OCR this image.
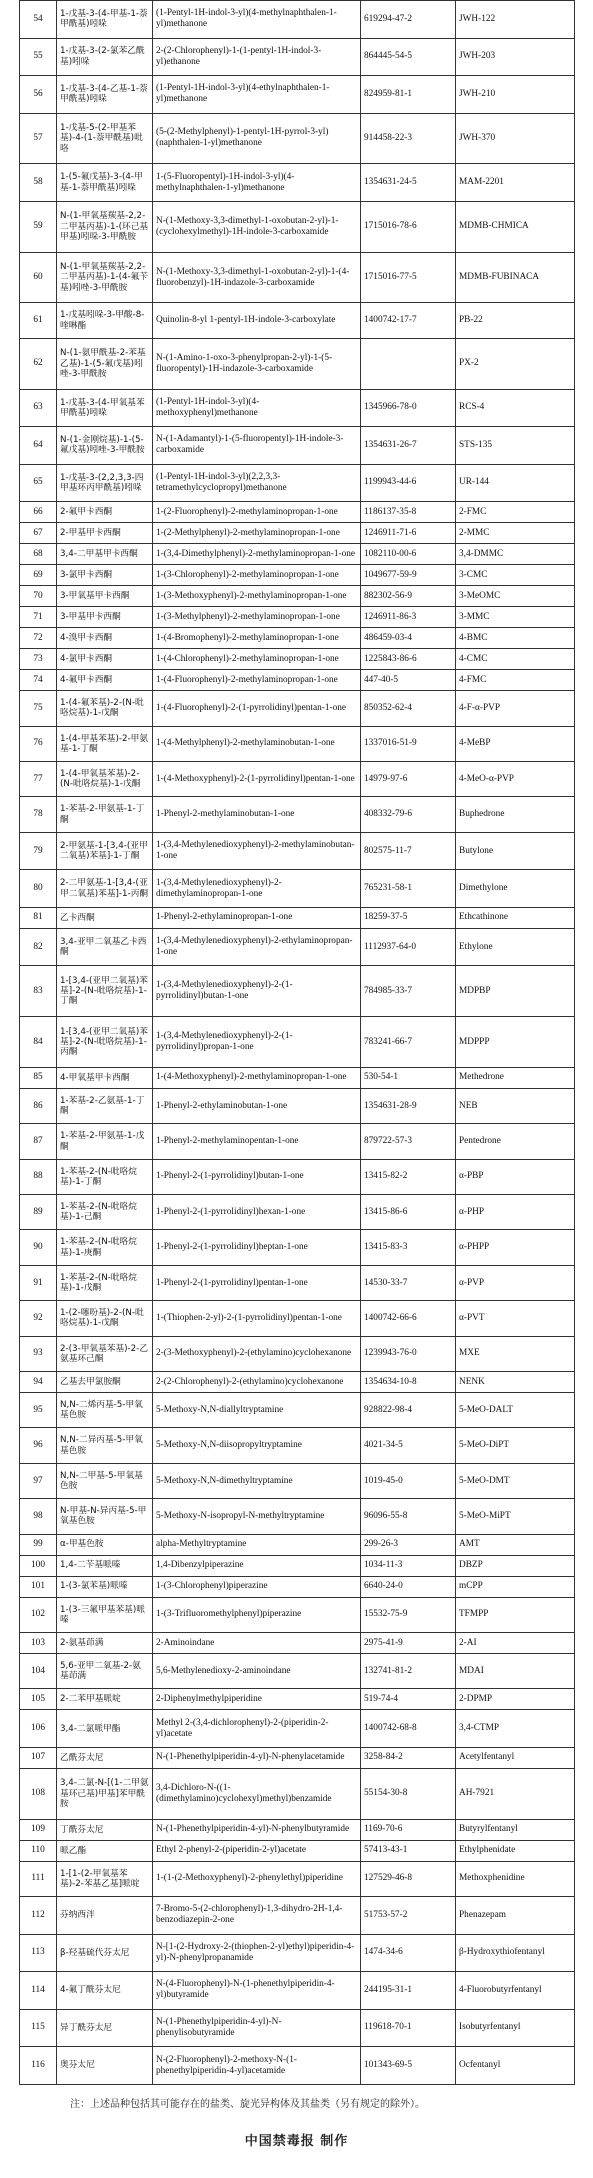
54	1-戊基-3-(4-甲基-1-萘甲酰基)吲哚	(1-Pentyl-1H-indol-3-yl)(4-methylnaphthalen-1-yl)methanone	619294-47-2	JWH-122
55	1-戊基-3-(2-氯苯乙酰基)吲哚	2-(2-Chlorophenyl)-1-(1-pentyl-1H-indol-3-yl)ethanone	864445-54-5	JWH-203
56	1-戊基-3-(4-乙基-1-萘甲酰基)吲哚	(1-Pentyl-1H-indol-3-yl)(4-ethylnaphthalen-1-yl)methanone	824959-81-1	JWH-210
57	1-戊基-5-(2-甲基苯基)-4-(1-萘甲酰基)吡咯	(5-(2-Methylphenyl)-1-pentyl-1H-pyrrol-3-yl)(naphthalen-1-yl)methanone	914458-22-3	JWH-370
58	1-(5-氟戊基)-3-(4-甲基-1-萘甲酰基)吲哚	1-(5-Fluoropentyl)-1H-indol-3-yl)(4-methylnaphthalen-1-yl)methanone	1354631-24-5	MAM-2201
59	N-(1-甲氧基羰基-2,2-二甲基丙基)-1-(环己基甲基)吲哚-3-甲酰胺	N-(1-Methoxy-3,3-dimethyl-1-oxobutan-2-yl)-1-(cyclohexylmethyl)-1H-indole-3-carboxamide	1715016-78-6	MDMB-CHMICA
60	N-(1-甲氧基羰基-2,2-二甲基丙基)-1-(4-氟苄基)吲唑-3-甲酰胺	N-(1-Methoxy-3,3-dimethyl-1-oxobutan-2-yl)-1-(4-fluorobenzyl)-1H-indazole-3-carboxamide	1715016-77-5	MDMB-FUBINACA
61	1-戊基吲哚-3-甲酸-8-喹啉酯	Quinolin-8-yl 1-pentyl-1H-indole-3-carboxylate	1400742-17-7	PB-22
62	N-(1-氨甲酰基-2-苯基乙基)-1-(5-氟戊基)吲唑-3-甲酰胺	N-(1-Amino-1-oxo-3-phenylpropan-2-yl)-1-(5-fluoropentyl)-1H-indazole-3-carboxamide		PX-2
63	1-戊基-3-(4-甲氧基苯甲酰基)吲哚	(1-Pentyl-1H-indol-3-yl)(4-methoxyphenyl)methanone	1345966-78-0	RCS-4
64	N-(1-金刚烷基)-1-(5-氟戊基)吲唑-3-甲酰胺	N-(1-Adamantyl)-1-(5-fluoropentyl)-1H-indole-3-carboxamide	1354631-26-7	STS-135
65	1-戊基-3-(2,2,3,3-四甲基环丙甲酰基)吲哚	(1-Pentyl-1H-indol-3-yl)(2,2,3,3-tetramethylcyclopropyl)methanone	1199943-44-6	UR-144
66	2-氟甲卡西酮	1-(2-Fluorophenyl)-2-methylaminopropan-1-one	1186137-35-8	2-FMC
67	2-甲基甲卡西酮	1-(2-Methylphenyl)-2-methylaminopropan-1-one	1246911-71-6	2-MMC
68	3,4-二甲基甲卡西酮	1-(3,4-Dimethylphenyl)-2-methylaminopropan-1-one	1082110-00-6	3,4-DMMC
69	3-氯甲卡西酮	1-(3-Chlorophenyl)-2-methylaminopropan-1-one	1049677-59-9	3-CMC
70	3-甲氧基甲卡西酮	1-(3-Methoxyphenyl)-2-methylaminopropan-1-one	882302-56-9	3-MeOMC
71	3-甲基甲卡西酮	1-(3-Methylphenyl)-2-methylaminopropan-1-one	1246911-86-3	3-MMC
72	4-溴甲卡西酮	1-(4-Bromophenyl)-2-methylaminopropan-1-one	486459-03-4	4-BMC
73	4-氯甲卡西酮	1-(4-Chlorophenyl)-2-methylaminopropan-1-one	1225843-86-6	4-CMC
74	4-氟甲卡西酮	1-(4-Fluorophenyl)-2-methylaminopropan-1-one	447-40-5	4-FMC
75	1-(4-氟苯基)-2-(N-吡咯烷基)-1-戊酮	1-(4-Fluorophenyl)-2-(1-pyrrolidinyl)pentan-1-one	850352-62-4	4-F-α-PVP
76	1-(4-甲基苯基)-2-甲氨基-1-丁酮	1-(4-Methylphenyl)-2-methylaminobutan-1-one	1337016-51-9	4-MeBP
77	1-(4-甲氧基苯基)-2-(N-吡咯烷基)-1-戊酮	1-(4-Methoxyphenyl)-2-(1-pyrrolidinyl)pentan-1-one	14979-97-6	4-MeO-α-PVP
78	1-苯基-2-甲氨基-1-丁酮	1-Phenyl-2-methylaminobutan-1-one	408332-79-6	Buphedrone
79	2-甲氨基-1-[3,4-(亚甲二氧基)苯基]-1-丁酮	1-(3,4-Methylenedioxyphenyl)-2-methylaminobutan-1-one	802575-11-7	Butylone
80	2-二甲氨基-1-[3,4-(亚甲二氧基)苯基]-1-丙酮	1-(3,4-Methylenedioxyphenyl)-2-dimethylaminopropan-1-one	765231-58-1	Dimethylone
81	乙卡西酮	1-Phenyl-2-ethylaminopropan-1-one	18259-37-5	Ethcathinone
82	3,4-亚甲二氧基乙卡西酮	1-(3,4-Methylenedioxyphenyl)-2-ethylaminopropan-1-one	1112937-64-0	Ethylone
83	1-[3,4-(亚甲二氧基)苯基]-2-(N-吡咯烷基)-1-丁酮	1-(3,4-Methylenedioxyphenyl)-2-(1-pyrrolidinyl)butan-1-one	784985-33-7	MDPBP
84	1-[3,4-(亚甲二氧基)苯基]-2-(N-吡咯烷基)-1-丙酮	1-(3,4-Methylenedioxyphenyl)-2-(1-pyrrolidinyl)propan-1-one	783241-66-7	MDPPP
85	4-甲氧基甲卡西酮	1-(4-Methoxyphenyl)-2-methylaminopropan-1-one	530-54-1	Methedrone
86	1-苯基-2-乙氨基-1-丁酮	1-Phenyl-2-ethylaminobutan-1-one	1354631-28-9	NEB
87	1-苯基-2-甲氨基-1-戊酮	1-Phenyl-2-methylaminopentan-1-one	879722-57-3	Pentedrone
88	1-苯基-2-(N-吡咯烷基)-1-丁酮	1-Phenyl-2-(1-pyrrolidinyl)butan-1-one	13415-82-2	α-PBP
89	1-苯基-2-(N-吡咯烷基)-1-己酮	1-Phenyl-2-(1-pyrrolidinyl)hexan-1-one	13415-86-6	α-PHP
90	1-苯基-2-(N-吡咯烷基)-1-庚酮	1-Phenyl-2-(1-pyrrolidinyl)heptan-1-one	13415-83-3	α-PHPP
91	1-苯基-2-(N-吡咯烷基)-1-戊酮	1-Phenyl-2-(1-pyrrolidinyl)pentan-1-one	14530-33-7	α-PVP
92	1-(2-噻吩基)-2-(N-吡咯烷基)-1-戊酮	1-(Thiophen-2-yl)-2-(1-pyrrolidinyl)pentan-1-one	1400742-66-6	α-PVT
93	2-(3-甲氧基苯基)-2-乙氨基环己酮	2-(3-Methoxyphenyl)-2-(ethylamino)cyclohexanone	1239943-76-0	MXE
94	乙基去甲氯胺酮	2-(2-Chlorophenyl)-2-(ethylamino)cyclohexanone	1354634-10-8	NENK
95	N,N-二烯丙基-5-甲氧基色胺	5-Methoxy-N,N-diallyltryptamine	928822-98-4	5-MeO-DALT
96	N,N-二异丙基-5-甲氧基色胺	5-Methoxy-N,N-diisopropyltryptamine	4021-34-5	5-MeO-DiPT
97	N,N-二甲基-5-甲氧基色胺	5-Methoxy-N,N-dimethyltryptamine	1019-45-0	5-MeO-DMT
98	N-甲基-N-异丙基-5-甲氧基色胺	5-Methoxy-N-isopropyl-N-methyltryptamine	96096-55-8	5-MeO-MiPT
99	α-甲基色胺	alpha-Methyltryptamine	299-26-3	AMT
100	1,4-二苄基哌嗪	1,4-Dibenzylpiperazine	1034-11-3	DBZP
101	1-(3-氯苯基)哌嗪	1-(3-Chlorophenyl)piperazine	6640-24-0	mCPP
102	1-(3-三氟甲基苯基)哌嗪	1-(3-Trifluoromethylphenyl)piperazine	15532-75-9	TFMPP
103	2-氨基茚满	2-Aminoindane	2975-41-9	2-AI
104	5,6-亚甲二氧基-2-氨基茚满	5,6-Methylenedioxy-2-aminoindane	132741-81-2	MDAI
105	2-二苯甲基哌啶	2-Diphenylmethylpiperidine	519-74-4	2-DPMP
106	3,4-二氯哌甲酯	Methyl 2-(3,4-dichlorophenyl)-2-(piperidin-2-yl)acetate	1400742-68-8	3,4-CTMP
107	乙酰芬太尼	N-(1-Phenethylpiperidin-4-yl)-N-phenylacetamide	3258-84-2	Acetylfentanyl
108	3,4-二氯-N-[(1-二甲氨基环己基)甲基]苯甲酰胺	3,4-Dichloro-N-((1-(dimethylamino)cyclohexyl)methyl)benzamide	55154-30-8	AH-7921
109	丁酰芬太尼	N-(1-Phenethylpiperidin-4-yl)-N-phenylbutyramide	1169-70-6	Butyrylfentanyl
110	哌乙酯	Ethyl 2-phenyl-2-(piperidin-2-yl)acetate	57413-43-1	Ethylphenidate
111	1-[1-(2-甲氧基苯基)-2-苯基乙基]哌啶	1-(1-(2-Methoxyphenyl)-2-phenylethyl)piperidine	127529-46-8	Methoxphenidine
112	芬纳西泮	7-Bromo-5-(2-chlorophenyl)-1,3-dihydro-2H-1,4-benzodiazepin-2-one	51753-57-2	Phenazepam
113	β-羟基硫代芬太尼	N-[1-(2-Hydroxy-2-(thiophen-2-yl)ethyl)piperidin-4-yl)-N-phenylpropanamide	1474-34-6	β-Hydroxythiofentanyl
114	4-氟丁酰芬太尼	N-(4-Fluorophenyl)-N-(1-phenethylpiperidin-4-yl)butyramide	244195-31-1	4-Fluorobutyrfentanyl
115	异丁酰芬太尼	N-(1-Phenethylpiperidin-4-yl)-N-phenylisobutyramide	119618-70-1	Isobutyrfentanyl
116	奥芬太尼	N-(2-Fluorophenyl)-2-methoxy-N-(1-phenethylpiperidin-4-yl)acetamide	101343-69-5	Ocfentanyl
注：上述品种包括其可能存在的盐类、旋光异构体及其盐类（另有规定的除外）。
中国禁毒报 制作
